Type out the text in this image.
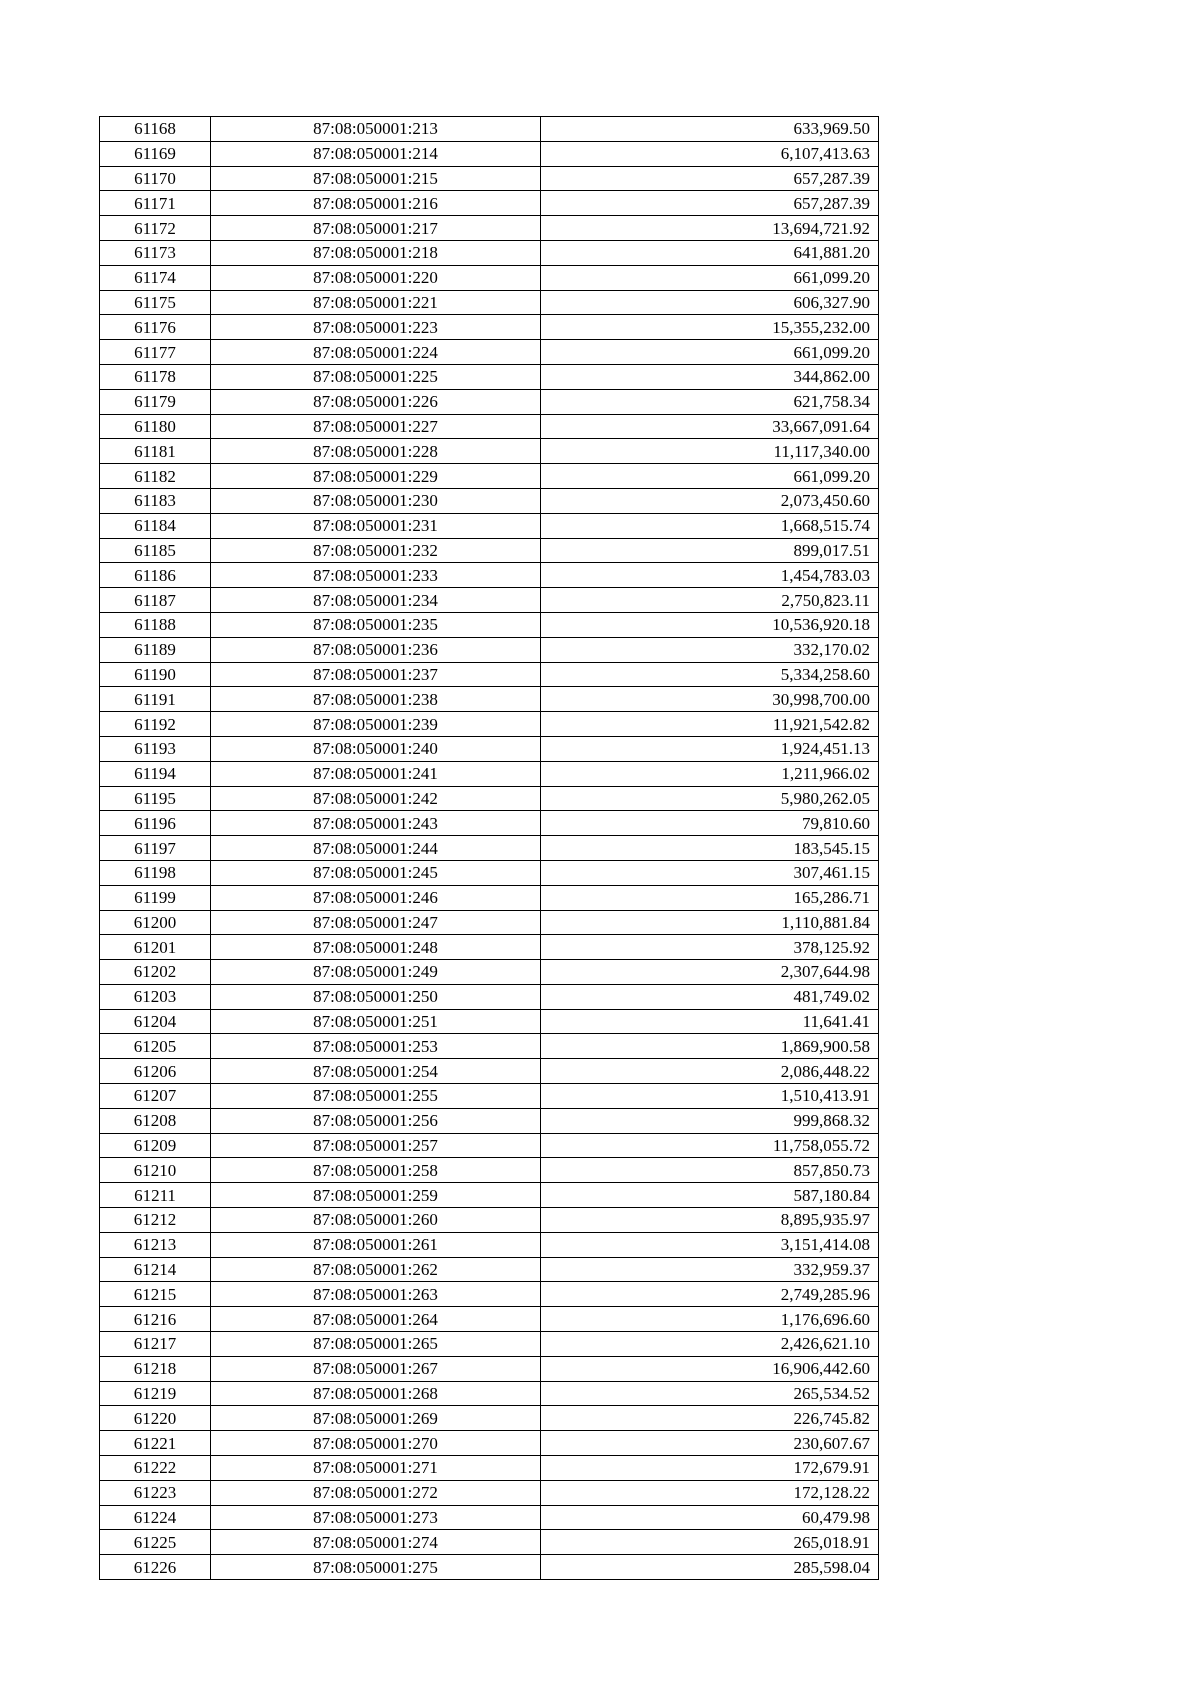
61168	87:08:050001:213	633,969.50
61169	87:08:050001:214	6,107,413.63
61170	87:08:050001:215	657,287.39
61171	87:08:050001:216	657,287.39
61172	87:08:050001:217	13,694,721.92
61173	87:08:050001:218	641,881.20
61174	87:08:050001:220	661,099.20
61175	87:08:050001:221	606,327.90
61176	87:08:050001:223	15,355,232.00
61177	87:08:050001:224	661,099.20
61178	87:08:050001:225	344,862.00
61179	87:08:050001:226	621,758.34
61180	87:08:050001:227	33,667,091.64
61181	87:08:050001:228	11,117,340.00
61182	87:08:050001:229	661,099.20
61183	87:08:050001:230	2,073,450.60
61184	87:08:050001:231	1,668,515.74
61185	87:08:050001:232	899,017.51
61186	87:08:050001:233	1,454,783.03
61187	87:08:050001:234	2,750,823.11
61188	87:08:050001:235	10,536,920.18
61189	87:08:050001:236	332,170.02
61190	87:08:050001:237	5,334,258.60
61191	87:08:050001:238	30,998,700.00
61192	87:08:050001:239	11,921,542.82
61193	87:08:050001:240	1,924,451.13
61194	87:08:050001:241	1,211,966.02
61195	87:08:050001:242	5,980,262.05
61196	87:08:050001:243	79,810.60
61197	87:08:050001:244	183,545.15
61198	87:08:050001:245	307,461.15
61199	87:08:050001:246	165,286.71
61200	87:08:050001:247	1,110,881.84
61201	87:08:050001:248	378,125.92
61202	87:08:050001:249	2,307,644.98
61203	87:08:050001:250	481,749.02
61204	87:08:050001:251	11,641.41
61205	87:08:050001:253	1,869,900.58
61206	87:08:050001:254	2,086,448.22
61207	87:08:050001:255	1,510,413.91
61208	87:08:050001:256	999,868.32
61209	87:08:050001:257	11,758,055.72
61210	87:08:050001:258	857,850.73
61211	87:08:050001:259	587,180.84
61212	87:08:050001:260	8,895,935.97
61213	87:08:050001:261	3,151,414.08
61214	87:08:050001:262	332,959.37
61215	87:08:050001:263	2,749,285.96
61216	87:08:050001:264	1,176,696.60
61217	87:08:050001:265	2,426,621.10
61218	87:08:050001:267	16,906,442.60
61219	87:08:050001:268	265,534.52
61220	87:08:050001:269	226,745.82
61221	87:08:050001:270	230,607.67
61222	87:08:050001:271	172,679.91
61223	87:08:050001:272	172,128.22
61224	87:08:050001:273	60,479.98
61225	87:08:050001:274	265,018.91
61226	87:08:050001:275	285,598.04
